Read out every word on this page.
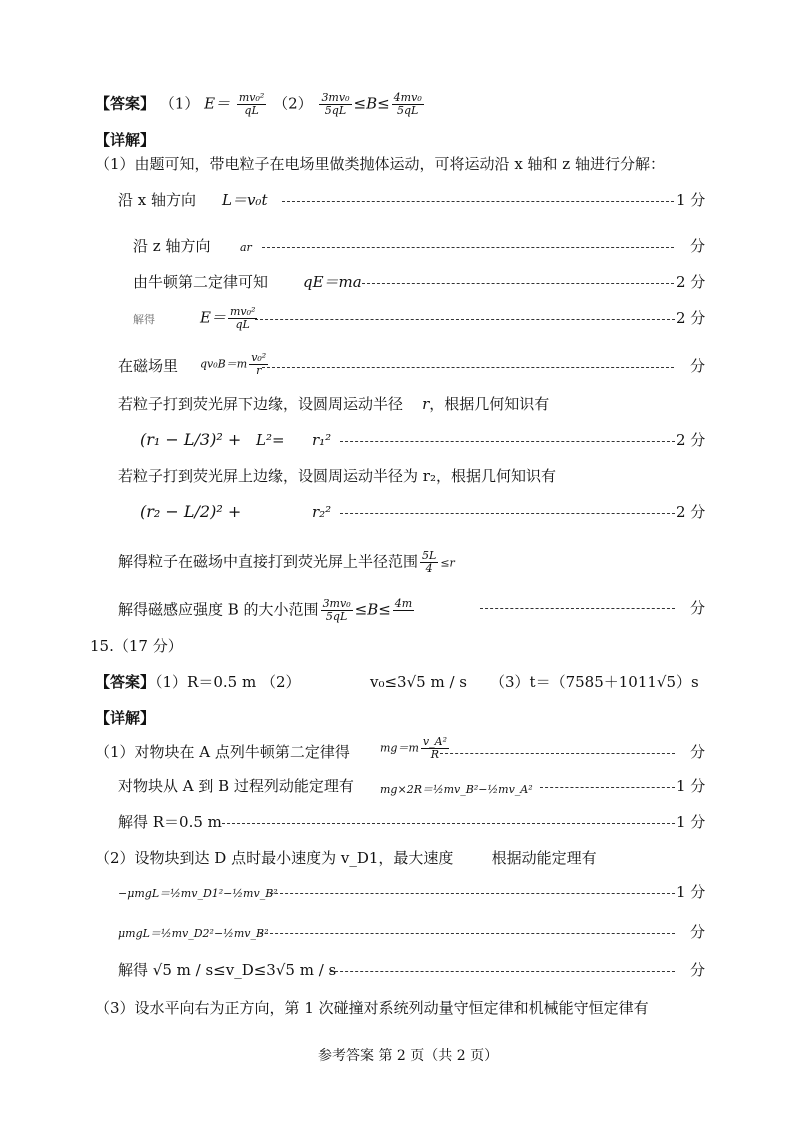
【答案】 （1） $E= \frac{\text{mv₀²}}{qL} (2) \frac{\text{3mv₀}}{5qL} \le B\le \frac{\text{4mv₀}}{5qL}$
【详解】
（1）由题可知，带电粒子在电场里做类抛体运动，可将运动沿 x 轴和 z 轴进行分解：
沿 x 轴方向 L＝v₀t	1 分
沿 z 轴方向	ar	分
由牛顿第二定律可知 qE＝ma	2 分
解得	$E= \frac{\text{mv₀²}}{qL}$	2 分
在磁场里 $qv_0B=m \frac{\text{v₀²}}{r}$	分
若粒子打到荧光屏下边缘，设圆周运动半径 r，根据几何知识有
(r₁ − L/3)² + L²= r₁²	2 分
若粒子打到荧光屏上边缘，设圆周运动半径为 r₂，根据几何知识有
(r₂ − L/2)² +	r₂²	2 分
解得粒子在磁场中直接打到荧光屏上半径范围 $\frac{5L}{4} \le r$
解得磁感应强度 B 的大小范围 $\frac{\text{3mv₀}}{5qL} \le B\le 4m$
	分
15.（17 分）
【答案】（1）R＝0.5 m （2）	v₀≤3√5 m / s （3）t＝（7585＋1011√5）s
【详解】
（1）对物块在 A 点列牛顿第二定律得	$mg=m \frac{\text{v\_A²}}{R}$	分
对物块从 A 到 B 过程列动能定理有 mg×2R＝½mv_B²−½mv_A²	1 分
解得 R＝0.5 m	1 分
（2）设物块到达 D 点时最小速度为 v_D1，最大速度	根据动能定理有
−μmgL＝½mv_D1²−½mv_B²	1 分
μmgL＝½mv_D2²−½mv_B²	分
解得 √5 m / s≤v_D≤3√5 m / s	分
（3）设水平向右为正方向，第 1 次碰撞对系统列动量守恒定律和机械能守恒定律有
参考答案 第 2 页（共 2 页）
